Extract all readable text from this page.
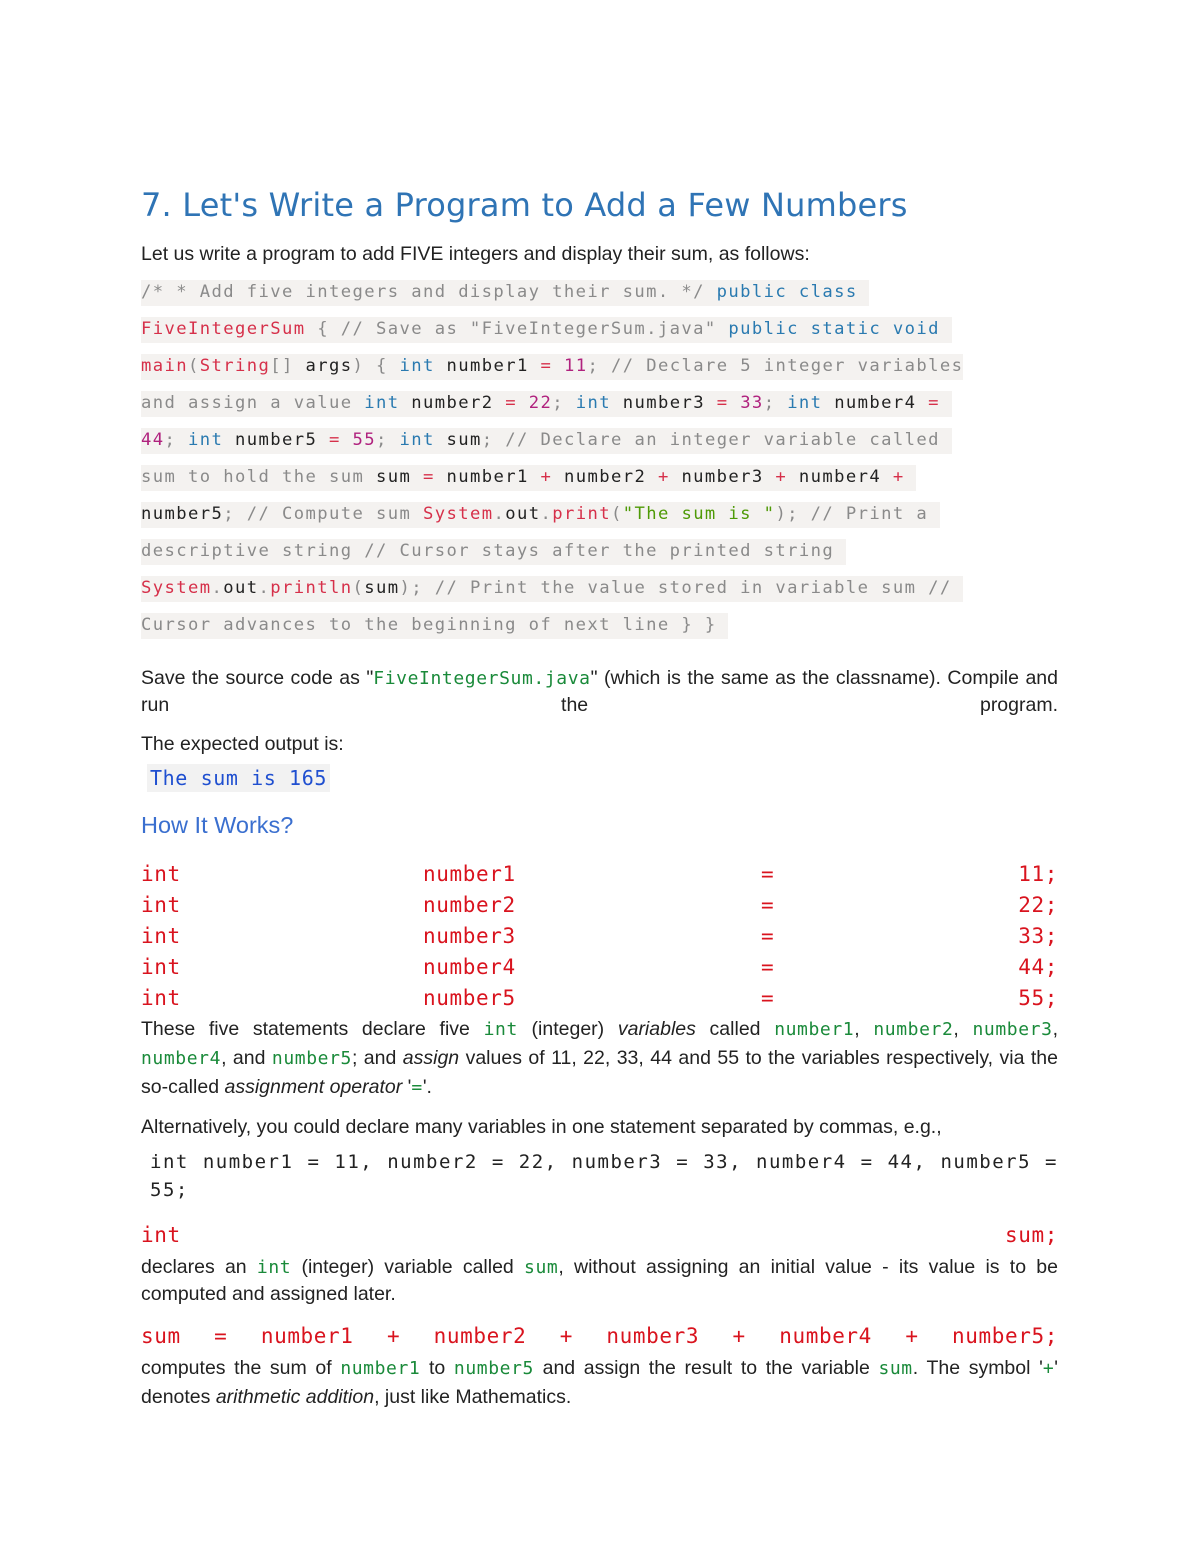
7. Let's Write a Program to Add a Few Numbers
Let us write a program to add FIVE integers and display their sum, as follows:
/* * Add five integers and display their sum. */ public class
FiveIntegerSum { // Save as "FiveIntegerSum.java" public static void
main(String[] args) { int number1 = 11; // Declare 5 integer variables
and assign a value int number2 = 22; int number3 = 33; int number4 =
44; int number5 = 55; int sum; // Declare an integer variable called
sum to hold the sum sum = number1 + number2 + number3 + number4 +
number5; // Compute sum System.out.print("The sum is "); // Print a
descriptive string // Cursor stays after the printed string
System.out.println(sum); // Print the value stored in variable sum //
Cursor advances to the beginning of next line } }
Save the source code as "FiveIntegerSum.java" (which is the same as the classname). Compile and run the program.
The expected output is:
The sum is 165
How It Works?
int	number1	=	11;
int	number2	=	22;
int	number3	=	33;
int	number4	=	44;
int	number5	=	55;
These five statements declare five int (integer) variables called number1, number2, number3, number4, and number5; and assign values of 11, 22, 33, 44 and 55 to the variables respectively, via the so-called assignment operator '='.
Alternatively, you could declare many variables in one statement separated by commas, e.g.,
int number1 = 11, number2 = 22, number3 = 33, number4 = 44, number5 =
55;
int	sum;
declares an int (integer) variable called sum, without assigning an initial value - its value is to be computed and assigned later.
sum = number1 + number2 + number3 + number4 + number5;
computes the sum of number1 to number5 and assign the result to the variable sum. The symbol '+' denotes arithmetic addition, just like Mathematics.
